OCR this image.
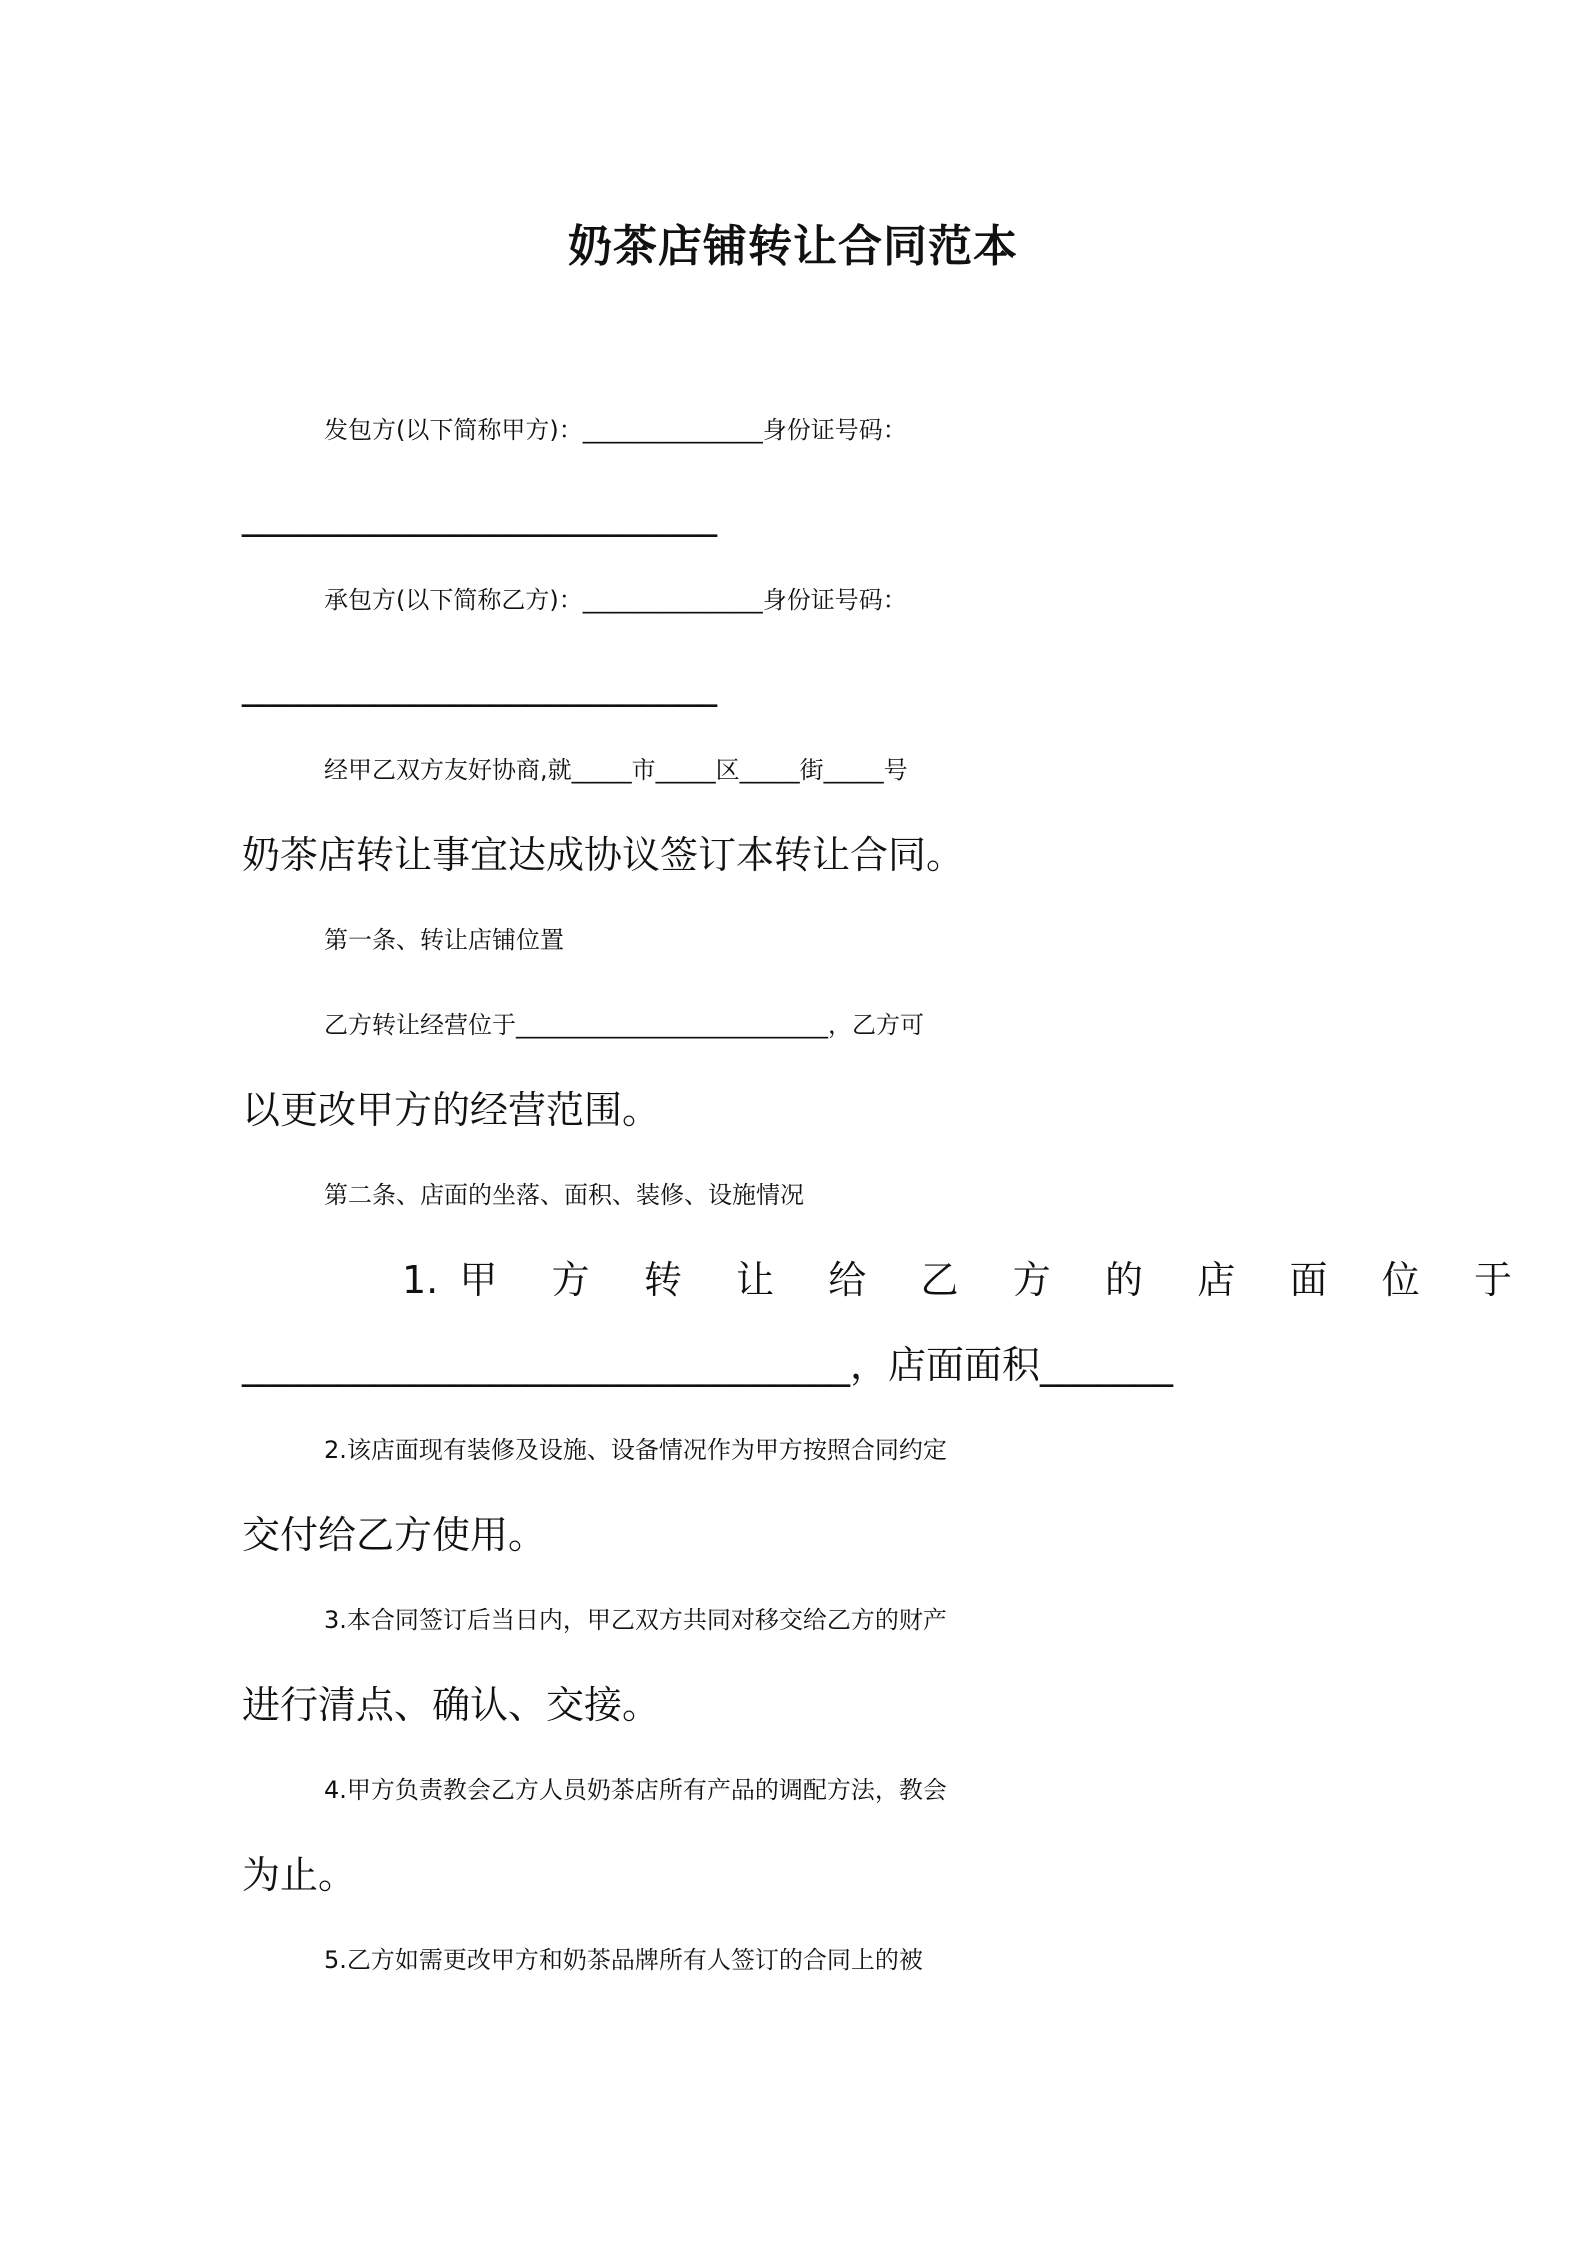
奶茶店铺转让合同范本

发包方(以下简称甲方)：_______________身份证号码：

_________________________

承包方(以下简称乙方)：_______________身份证号码：

_________________________

经甲乙双方友好协商,就_____市_____区_____街_____号

奶茶店转让事宜达成协议签订本转让合同。

第一条、转让店铺位置

乙方转让经营位于__________________________，乙方可

以更改甲方的经营范围。

第二条、店面的坐落、面积、装修、设施情况

1.甲 方 转 让 给 乙 方 的 店 面 位 于

________________________________，店面面积_______

2.该店面现有装修及设施、设备情况作为甲方按照合同约定

交付给乙方使用。

3.本合同签订后当日内，甲乙双方共同对移交给乙方的财产

进行清点、确认、交接。

4.甲方负责教会乙方人员奶茶店所有产品的调配方法，教会

为止。

5.乙方如需更改甲方和奶茶品牌所有人签订的合同上的被
